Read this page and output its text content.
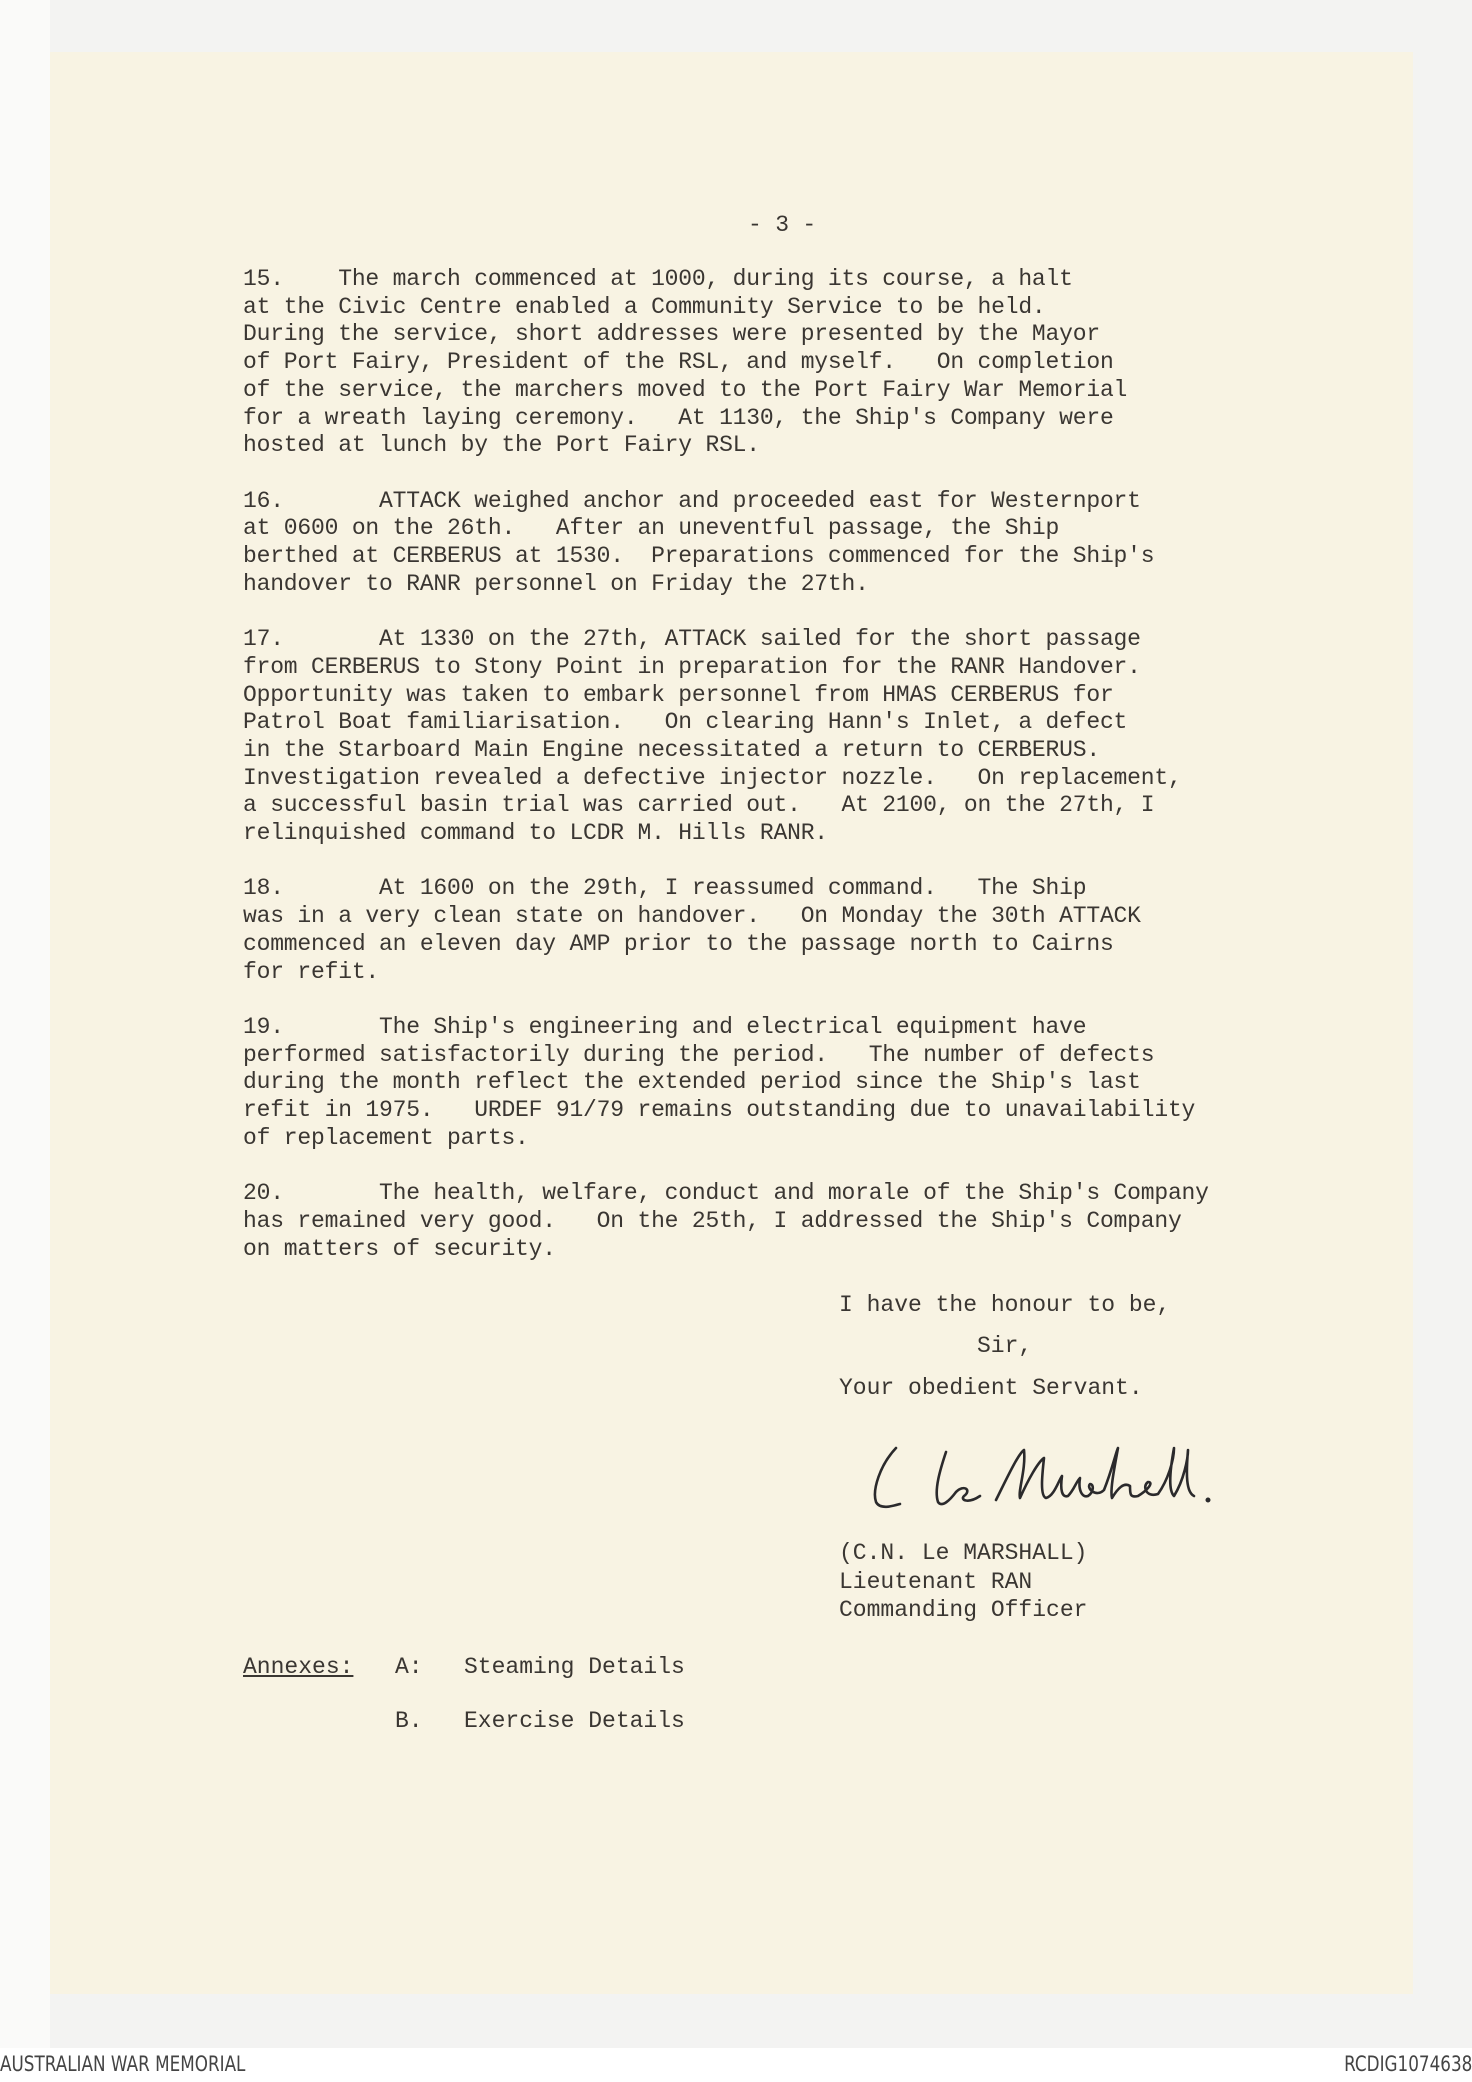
- 3 -
15.    The march commenced at 1000, during its course, a halt
at the Civic Centre enabled a Community Service to be held.
During the service, short addresses were presented by the Mayor
of Port Fairy, President of the RSL, and myself.   On completion
of the service, the marchers moved to the Port Fairy War Memorial
for a wreath laying ceremony.   At 1130, the Ship's Company were
hosted at lunch by the Port Fairy RSL.
16.       ATTACK weighed anchor and proceeded east for Westernport
at 0600 on the 26th.   After an uneventful passage, the Ship
berthed at CERBERUS at 1530.  Preparations commenced for the Ship's
handover to RANR personnel on Friday the 27th.
17.       At 1330 on the 27th, ATTACK sailed for the short passage
from CERBERUS to Stony Point in preparation for the RANR Handover.
Opportunity was taken to embark personnel from HMAS CERBERUS for
Patrol Boat familiarisation.   On clearing Hann's Inlet, a defect
in the Starboard Main Engine necessitated a return to CERBERUS.
Investigation revealed a defective injector nozzle.   On replacement,
a successful basin trial was carried out.   At 2100, on the 27th, I
relinquished command to LCDR M. Hills RANR.
18.       At 1600 on the 29th, I reassumed command.   The Ship
was in a very clean state on handover.   On Monday the 30th ATTACK
commenced an eleven day AMP prior to the passage north to Cairns
for refit.
19.       The Ship's engineering and electrical equipment have
performed satisfactorily during the period.   The number of defects
during the month reflect the extended period since the Ship's last
refit in 1975.   URDEF 91/79 remains outstanding due to unavailability
of replacement parts.
20.       The health, welfare, conduct and morale of the Ship's Company
has remained very good.   On the 25th, I addressed the Ship's Company
on matters of security.
I have the honour to be,
Sir,
Your obedient Servant.
(C.N. Le MARSHALL)
Lieutenant RAN
Commanding Officer
Annexes: A: Steaming Details
B. Exercise Details
AUSTRALIAN WAR MEMORIAL	RCDIG1074638
